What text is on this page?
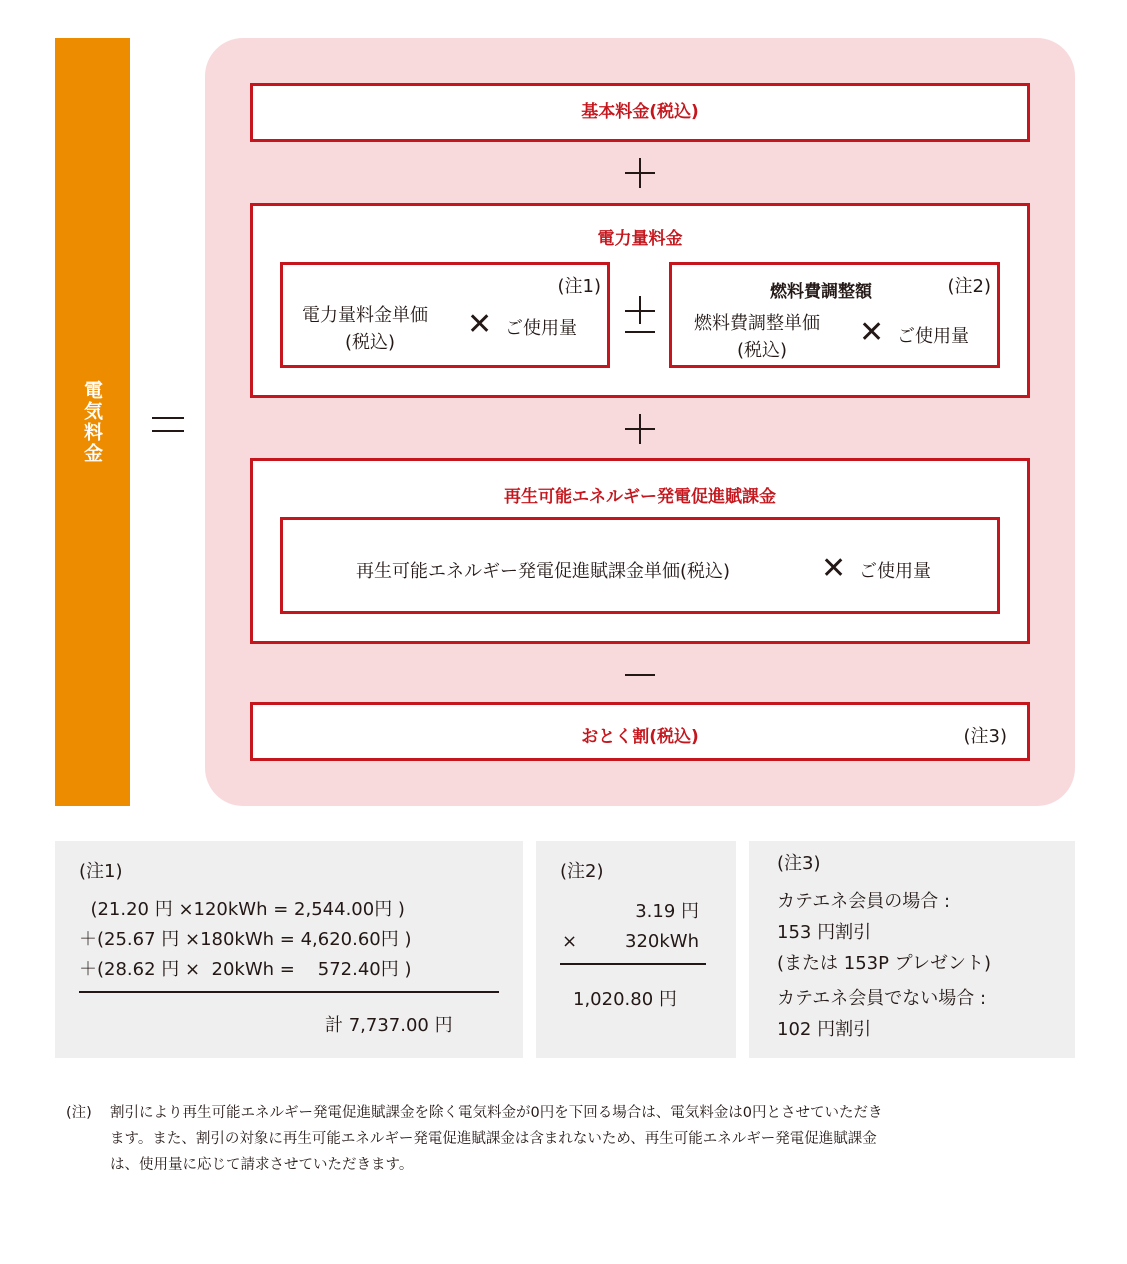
電気料金
基本料金(税込)
電力量料金
(注1)
電力量料金単価
(税込)
✕ ご使用量
燃料費調整額	(注2)
燃料費調整単価
(税込)
✕ ご使用量
再生可能エネルギー発電促進賦課金
再生可能エネルギー発電促進賦課金単価(税込)	✕ ご使用量
おとく割(税込)	(注3)
(注1)
(21.20 円 ×120kWh = 2,544.00円 )
＋(25.67 円 ×180kWh = 4,620.60円 )
＋(28.62 円 ×  20kWh =    572.40円 )
計 7,737.00 円
(注2)
3.19 円
×	320kWh
1,020.80 円
(注3)
カテエネ会員の場合 :
153 円割引
(または 153P プレゼント)
カテエネ会員でない場合 :
102 円割引
(注) 割引により再生可能エネルギー発電促進賦課金を除く電気料金が0円を下回る場合は、電気料金は0円とさせていただき
ます。また、割引の対象に再生可能エネルギー発電促進賦課金は含まれないため、再生可能エネルギー発電促進賦課金
は、使用量に応じて請求させていただきます。
